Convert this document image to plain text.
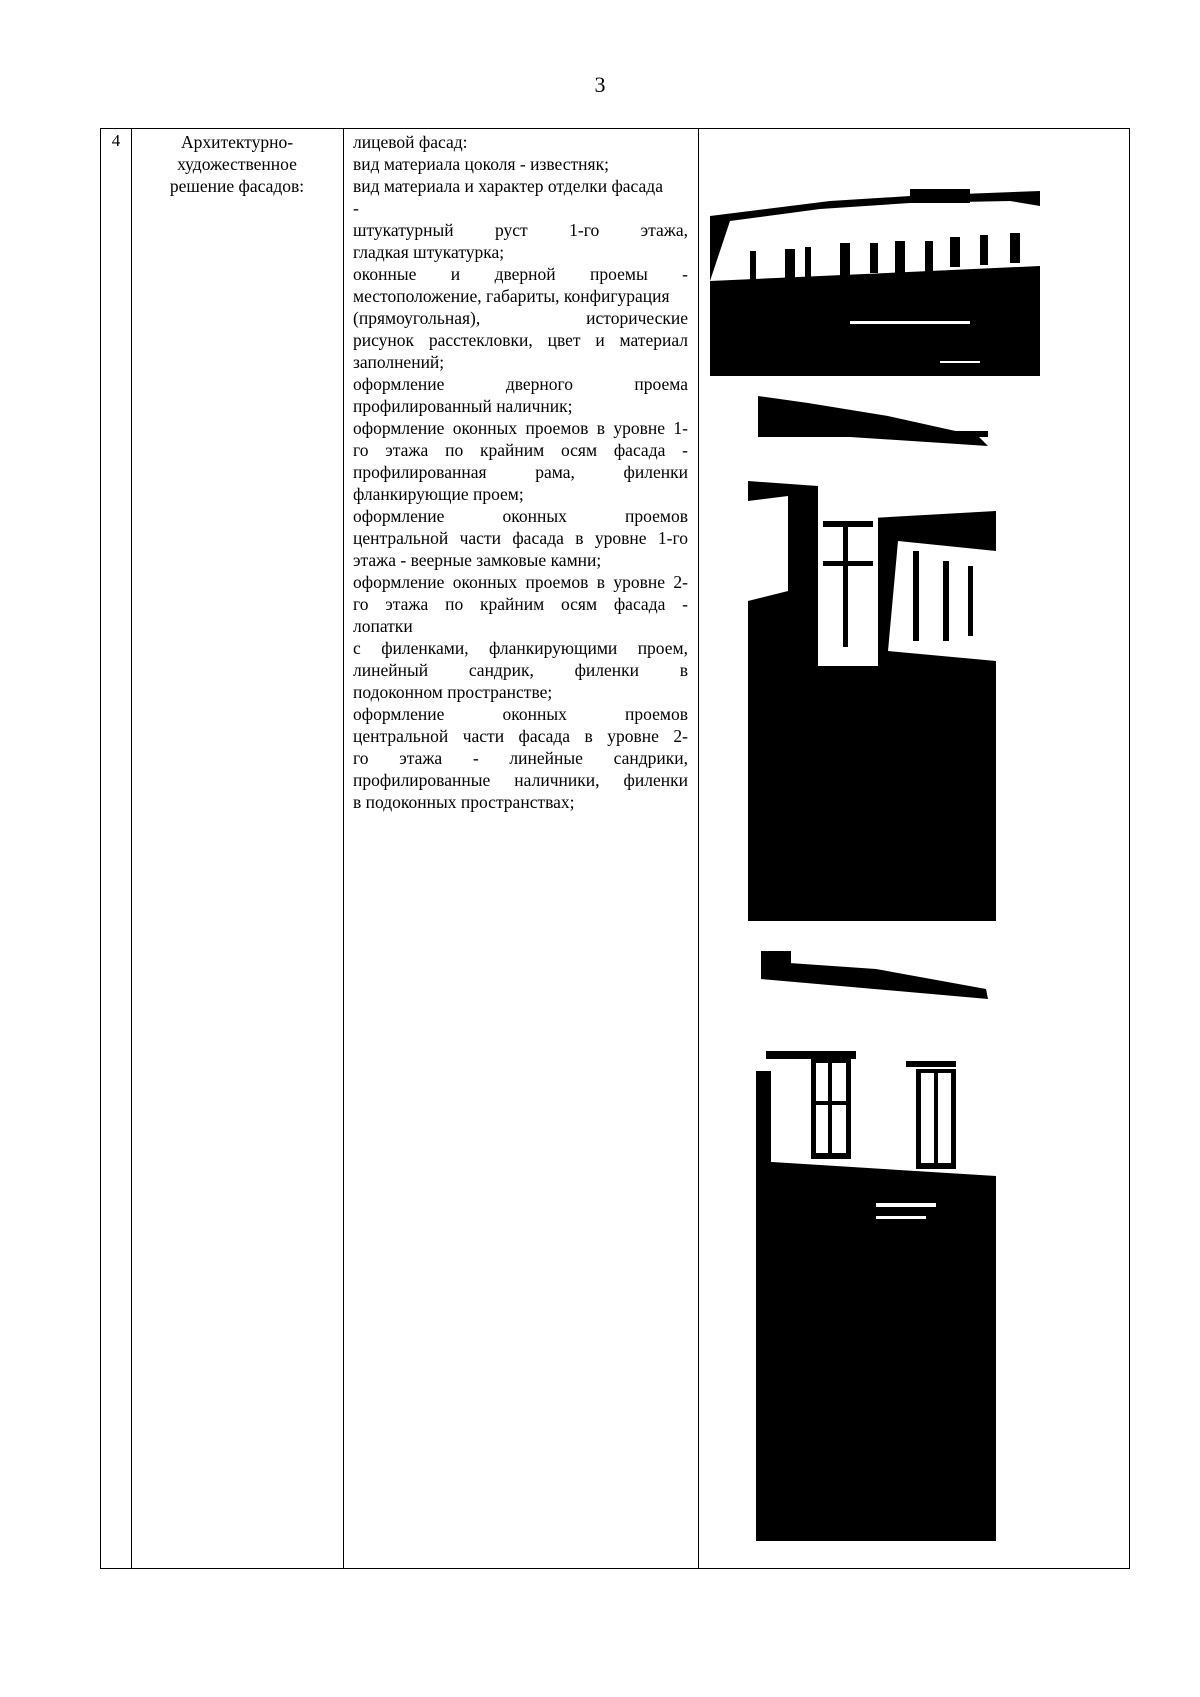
3
4	Архитектурно-
художественное
решение фасадов:
лицевой фасад:
вид материала цоколя - известняк;
вид материала и характер отделки фасада
-
штукатурный руст 1-го этажа,
гладкая штукатурка;
оконные и дверной проемы -
местоположение, габариты, конфигурация
(прямоугольная), исторические
рисунок расстекловки, цвет и материал
заполнений;
оформление дверного проема
профилированный наличник;
оформление оконных проемов в уровне 1-
го этажа по крайним осям фасада -
профилированная рама, филенки
фланкирующие проем;
оформление оконных проемов
центральной части фасада в уровне 1-го
этажа - веерные замковые камни;
оформление оконных проемов в уровне 2-
го этажа по крайним осям фасада -
лопатки
с филенками, фланкирующими проем,
линейный сандрик, филенки в
подоконном пространстве;
оформление оконных проемов
центральной части фасада в уровне 2-
го этажа - линейные сандрики,
профилированные наличники, филенки
в подоконных пространствах;
